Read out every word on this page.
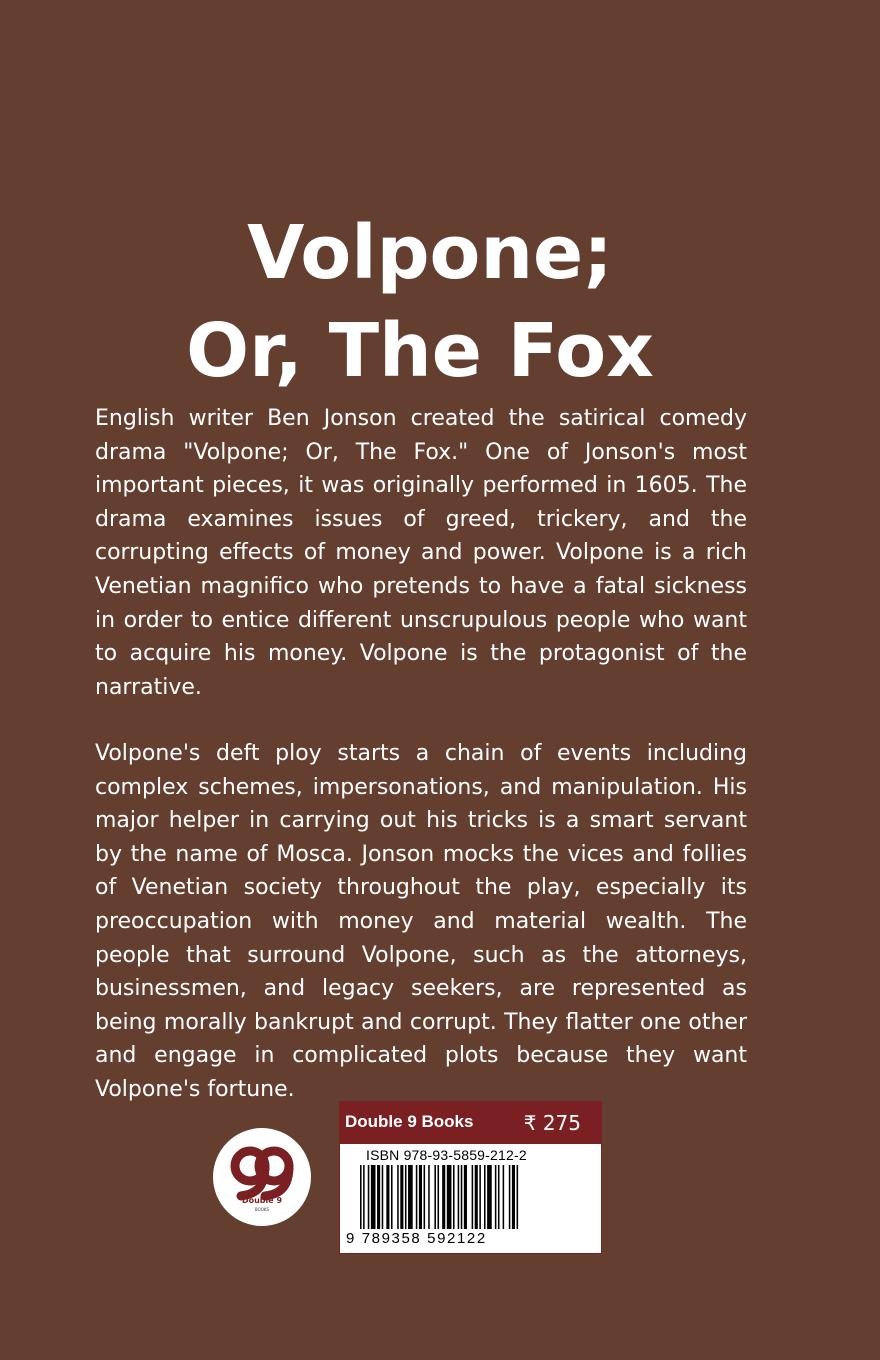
Volpone;
Or, The Fox

English writer Ben Jonson created the satirical comedy drama "Volpone; Or, The Fox." One of Jonson's most important pieces, it was originally performed in 1605. The drama examines issues of greed, trickery, and the corrupting effects of money and power. Volpone is a rich Venetian magnifico who pretends to have a fatal sickness in order to entice different unscrupulous people who want to acquire his money. Volpone is the protagonist of the narrative.

Volpone's deft ploy starts a chain of events including complex schemes, impersonations, and manipulation. His major helper in carrying out his tricks is a smart servant by the name of Mosca. Jonson mocks the vices and follies of Venetian society throughout the play, especially its preoccupation with money and material wealth. The people that surround Volpone, such as the attorneys, businessmen, and legacy seekers, are represented as being morally bankrupt and corrupt. They flatter one other and engage in complicated plots because they want Volpone's fortune.

Double 9
BOOKS
Double 9 Books	₹ 275
ISBN 978-93-5859-212-2
9 789358 592122
